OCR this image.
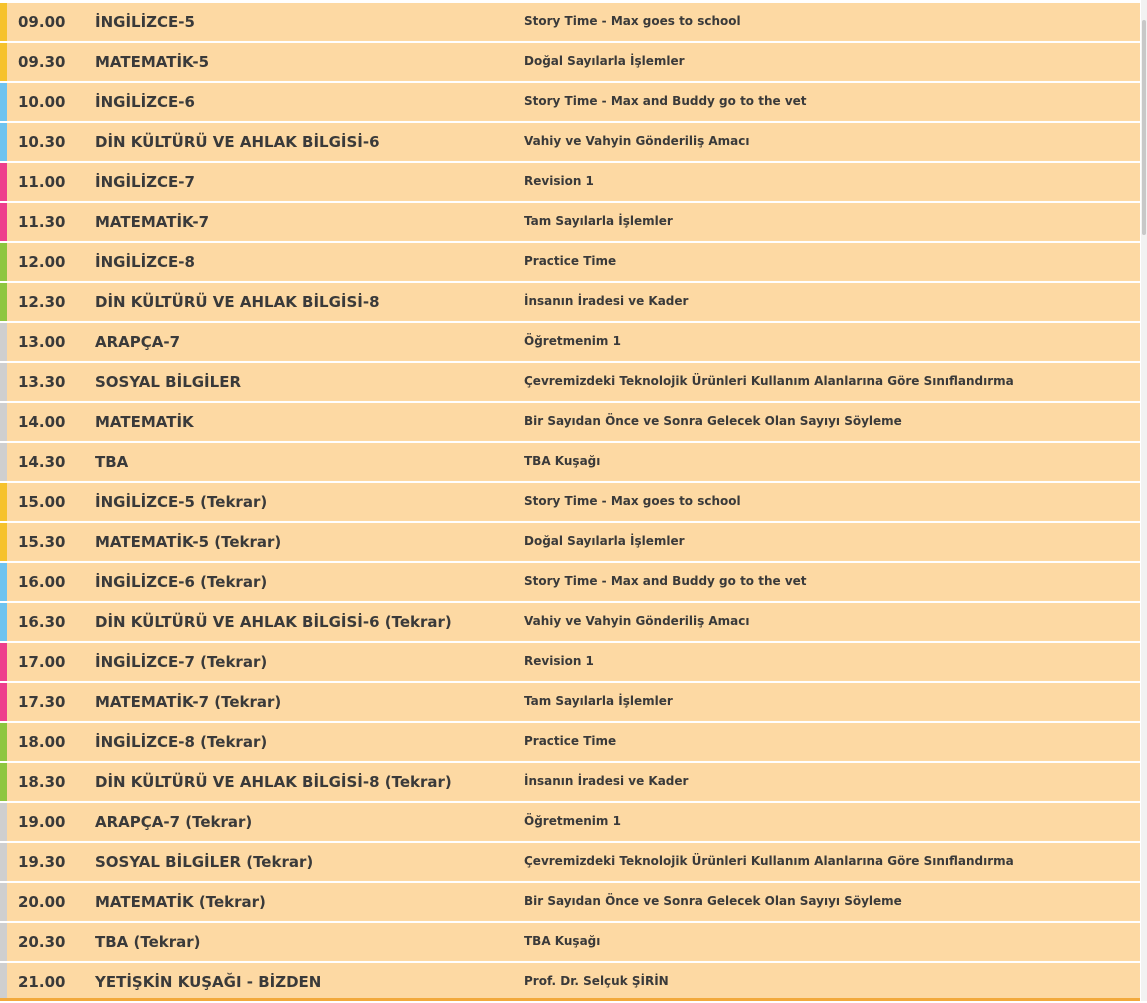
09.00 İNGİLİZCE-5	Story Time - Max goes to school
09.30 MATEMATİK-5	Doğal Sayılarla İşlemler
10.00 İNGİLİZCE-6	Story Time - Max and Buddy go to the vet
10.30 DİN KÜLTÜRÜ VE AHLAK BİLGİSİ-6	Vahiy ve Vahyin Gönderiliş Amacı
11.00 İNGİLİZCE-7	Revision 1
11.30 MATEMATİK-7	Tam Sayılarla İşlemler
12.00 İNGİLİZCE-8	Practice Time
12.30 DİN KÜLTÜRÜ VE AHLAK BİLGİSİ-8	İnsanın İradesi ve Kader
13.00 ARAPÇA-7	Öğretmenim 1
13.30 SOSYAL BİLGİLER	Çevremizdeki Teknolojik Ürünleri Kullanım Alanlarına Göre Sınıflandırma
14.00 MATEMATİK	Bir Sayıdan Önce ve Sonra Gelecek Olan Sayıyı Söyleme
14.30 TBA	TBA Kuşağı
15.00 İNGİLİZCE-5 (Tekrar)	Story Time - Max goes to school
15.30 MATEMATİK-5 (Tekrar)	Doğal Sayılarla İşlemler
16.00 İNGİLİZCE-6 (Tekrar)	Story Time - Max and Buddy go to the vet
16.30 DİN KÜLTÜRÜ VE AHLAK BİLGİSİ-6 (Tekrar)	Vahiy ve Vahyin Gönderiliş Amacı
17.00 İNGİLİZCE-7 (Tekrar)	Revision 1
17.30 MATEMATİK-7 (Tekrar)	Tam Sayılarla İşlemler
18.00 İNGİLİZCE-8 (Tekrar)	Practice Time
18.30 DİN KÜLTÜRÜ VE AHLAK BİLGİSİ-8 (Tekrar)	İnsanın İradesi ve Kader
19.00 ARAPÇA-7 (Tekrar)	Öğretmenim 1
19.30 SOSYAL BİLGİLER (Tekrar)	Çevremizdeki Teknolojik Ürünleri Kullanım Alanlarına Göre Sınıflandırma
20.00 MATEMATİK (Tekrar)	Bir Sayıdan Önce ve Sonra Gelecek Olan Sayıyı Söyleme
20.30 TBA (Tekrar)	TBA Kuşağı
21.00 YETİŞKİN KUŞAĞI - BİZDEN	Prof. Dr. Selçuk ŞİRİN
